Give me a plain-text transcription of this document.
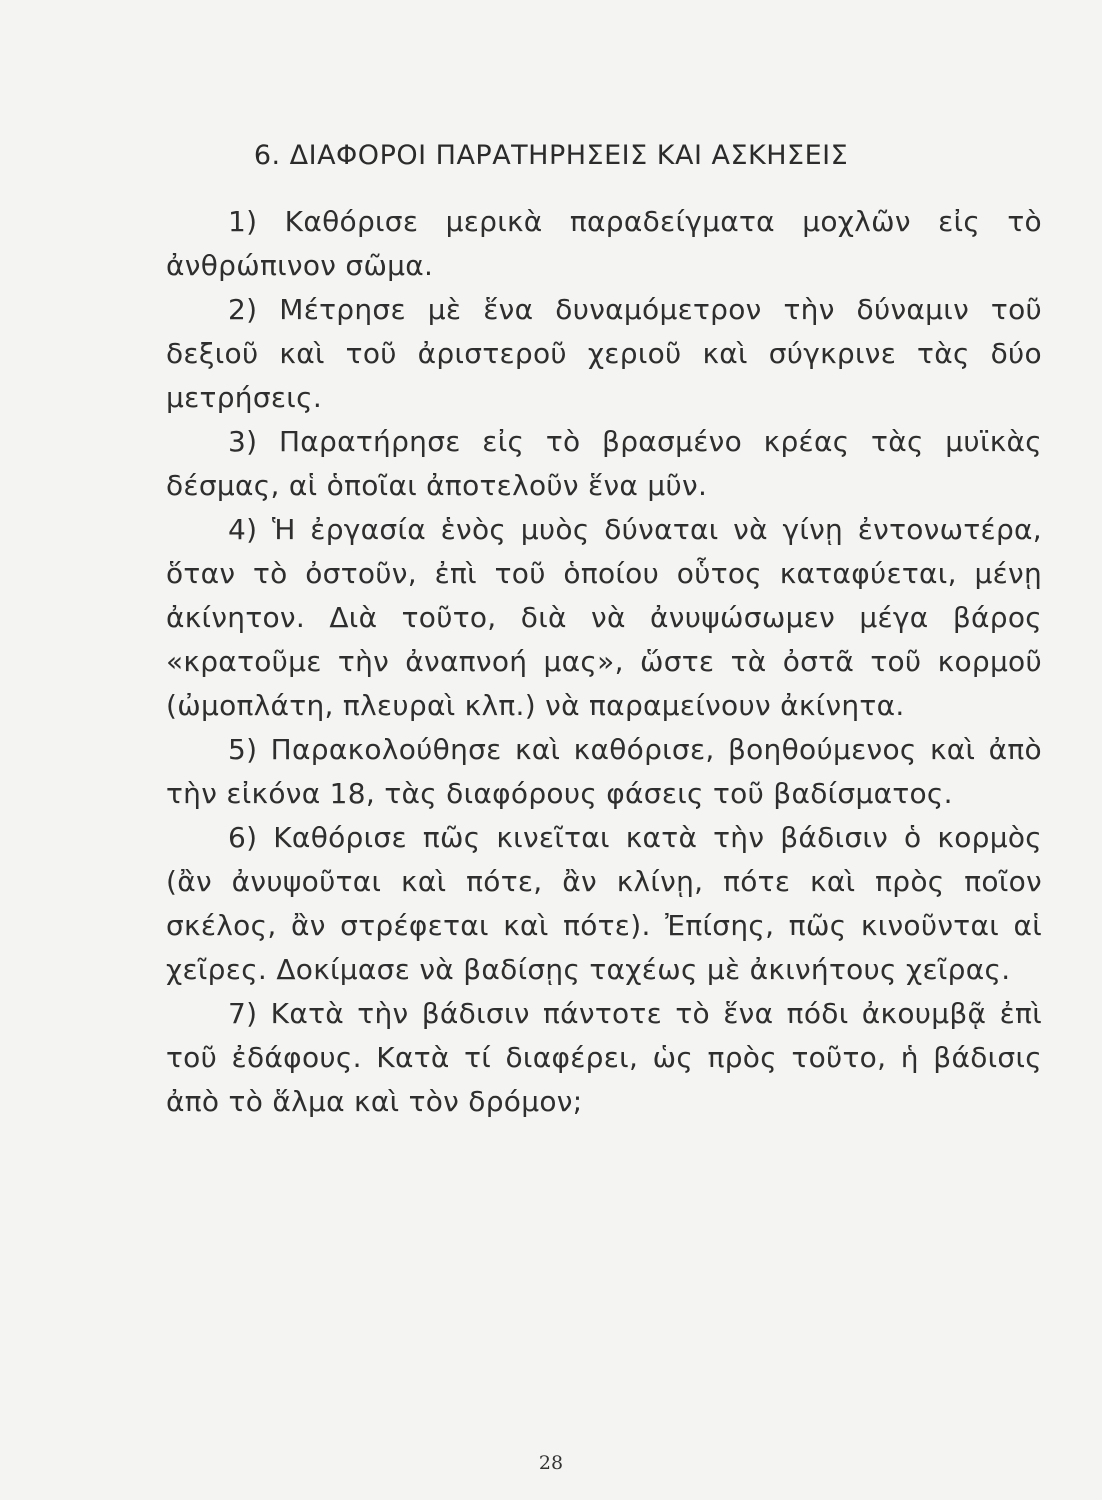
6. ΔΙΑΦΟΡΟΙ ΠΑΡΑΤΗΡΗΣΕΙΣ ΚΑΙ ΑΣΚΗΣΕΙΣ

1) Καθόρισε μερικὰ παραδείγματα μοχλῶν εἰς τὸ ἀνθρώπινον σῶμα.

2) Μέτρησε μὲ ἕνα δυναμόμετρον τὴν δύναμιν τοῦ δεξιοῦ καὶ τοῦ ἀριστεροῦ χεριοῦ καὶ σύγκρινε τὰς δύο μετρήσεις.

3) Παρατήρησε εἰς τὸ βρασμένο κρέας τὰς μυϊκὰς δέσμας, αἱ ὁποῖαι ἀποτελοῦν ἕνα μῦν.

4) Ἡ ἐργασία ἑνὸς μυὸς δύναται νὰ γίνῃ ἐντονωτέρα, ὅταν τὸ ὀστοῦν, ἐπὶ τοῦ ὁποίου οὗτος καταφύεται, μένῃ ἀκίνητον. Διὰ τοῦτο, διὰ νὰ ἀνυψώσωμεν μέγα βάρος «κρατοῦμε τὴν ἀναπνοή μας», ὥστε τὰ ὀστᾶ τοῦ κορμοῦ (ὠμοπλάτη, πλευραὶ κλπ.) νὰ παραμείνουν ἀκίνητα.

5) Παρακολούθησε καὶ καθόρισε, βοηθούμενος καὶ ἀπὸ τὴν εἰκόνα 18, τὰς διαφόρους φάσεις τοῦ βαδίσματος.

6) Καθόρισε πῶς κινεῖται κατὰ τὴν βάδισιν ὁ κορμὸς (ἂν ἀνυψοῦται καὶ πότε, ἂν κλίνῃ, πότε καὶ πρὸς ποῖον σκέλος, ἂν στρέφεται καὶ πότε). Ἐπίσης, πῶς κινοῦνται αἱ χεῖρες. Δοκίμασε νὰ βαδίσῃς ταχέως μὲ ἀκινήτους χεῖρας.

7) Κατὰ τὴν βάδισιν πάντοτε τὸ ἕνα πόδι ἀκουμβᾷ ἐπὶ τοῦ ἐδάφους. Κατὰ τί διαφέρει, ὡς πρὸς τοῦτο, ἡ βάδισις ἀπὸ τὸ ἅλμα καὶ τὸν δρόμον;

28
